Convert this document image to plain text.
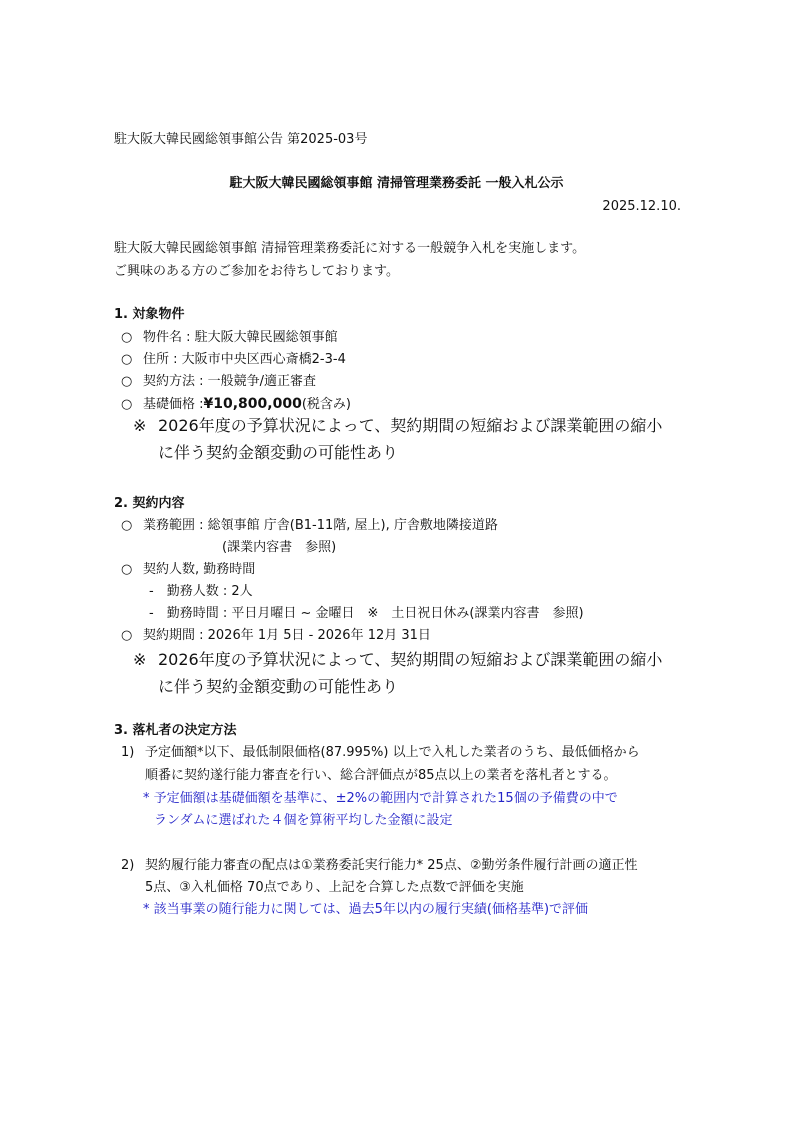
駐大阪大韓民國総領事館公告 第2025-03号
駐大阪大韓民國総領事館 清掃管理業務委託 一般入札公示
2025.12.10.
駐大阪大韓民國総領事館 清掃管理業務委託に対する一般競争入札を実施します。
ご興味のある方のご参加をお待ちしております。
1. 対象物件
○ 物件名 : 駐大阪大韓民國総領事館
○ 住所 : 大阪市中央区西心斎橋2-3-4
○ 契約方法 : 一般競争/適正審査
○ 基礎価格 : ¥10,800,000 (税含み)
※ 2026年度の予算状況によって、契約期間の短縮および課業範囲の縮小
に伴う契約金額変動の可能性あり
2. 契約内容
○ 業務範囲 : 総領事館 庁舎(B1-11階, 屋上), 庁舎敷地隣接道路
(課業内容書　参照)
○ 契約人数, 勤務時間
-　勤務人数 : 2人
-　勤務時間 : 平日月曜日 ~ 金曜日　※　土日祝日休み(課業内容書　参照)
○ 契約期間 : 2026年 1月 5日 - 2026年 12月 31日
※ 2026年度の予算状況によって、契約期間の短縮および課業範囲の縮小
に伴う契約金額変動の可能性あり
3. 落札者の決定方法
1) 予定価額*以下、最低制限価格(87.995%) 以上で入札した業者のうち、最低価格から
順番に契約遂行能力審査を行い、総合評価点が85点以上の業者を落札者とする。
* 予定価額は基礎価額を基準に、±2%の範囲内で計算された15個の予備費の中で
ランダムに選ばれた４個を算術平均した金額に設定
2) 契約履行能力審査の配点は①業務委託実行能力* 25点、②勤労条件履行計画の適正性
5点、③入札価格 70点であり、上記を合算した点数で評価を実施
* 該当事業の随行能力に関しては、過去5年以内の履行実績(価格基準)で評価
